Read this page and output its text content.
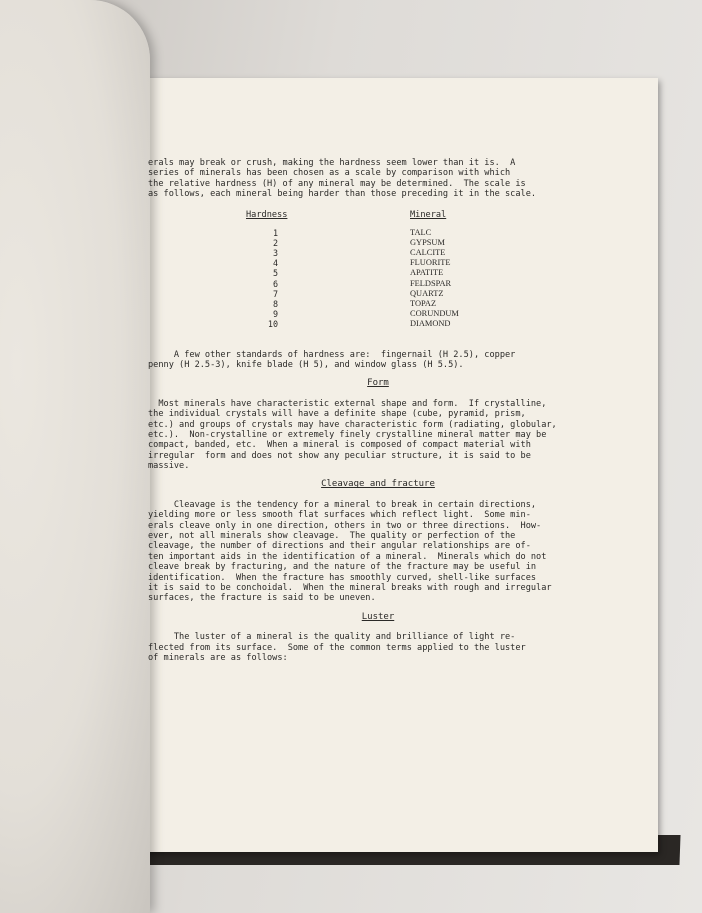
erals may break or crush, making the hardness seem lower than it is.  A
series of minerals has been chosen as a scale by comparison with which
the relative hardness (H) of any mineral may be determined.  The scale is
as follows, each mineral being harder than those preceding it in the scale.
Hardness	Mineral
1
2
3
4
5
6
7
8
9
10
TALC
GYPSUM
CALCITE
FLUORITE
APATITE
FELDSPAR
QUARTZ
TOPAZ
CORUNDUM
DIAMOND
A few other standards of hardness are:  fingernail (H 2.5), copper
penny (H 2.5-3), knife blade (H 5), and window glass (H 5.5).
Form
Most minerals have characteristic external shape and form.  If crystalline,
the individual crystals will have a definite shape (cube, pyramid, prism,
etc.) and groups of crystals may have characteristic form (radiating, globular,
etc.).  Non-crystalline or extremely finely crystalline mineral matter may be
compact, banded, etc.  When a mineral is composed of compact material with
irregular  form and does not show any peculiar structure, it is said to be
massive.
Cleavage and fracture
Cleavage is the tendency for a mineral to break in certain directions,
yielding more or less smooth flat surfaces which reflect light.  Some min-
erals cleave only in one direction, others in two or three directions.  How-
ever, not all minerals show cleavage.  The quality or perfection of the
cleavage, the number of directions and their angular relationships are of-
ten important aids in the identification of a mineral.  Minerals which do not
cleave break by fracturing, and the nature of the fracture may be useful in
identification.  When the fracture has smoothly curved, shell-like surfaces
it is said to be conchoidal.  When the mineral breaks with rough and irregular
surfaces, the fracture is said to be uneven.
Luster
The luster of a mineral is the quality and brilliance of light re-
flected from its surface.  Some of the common terms applied to the luster
of minerals are as follows:
